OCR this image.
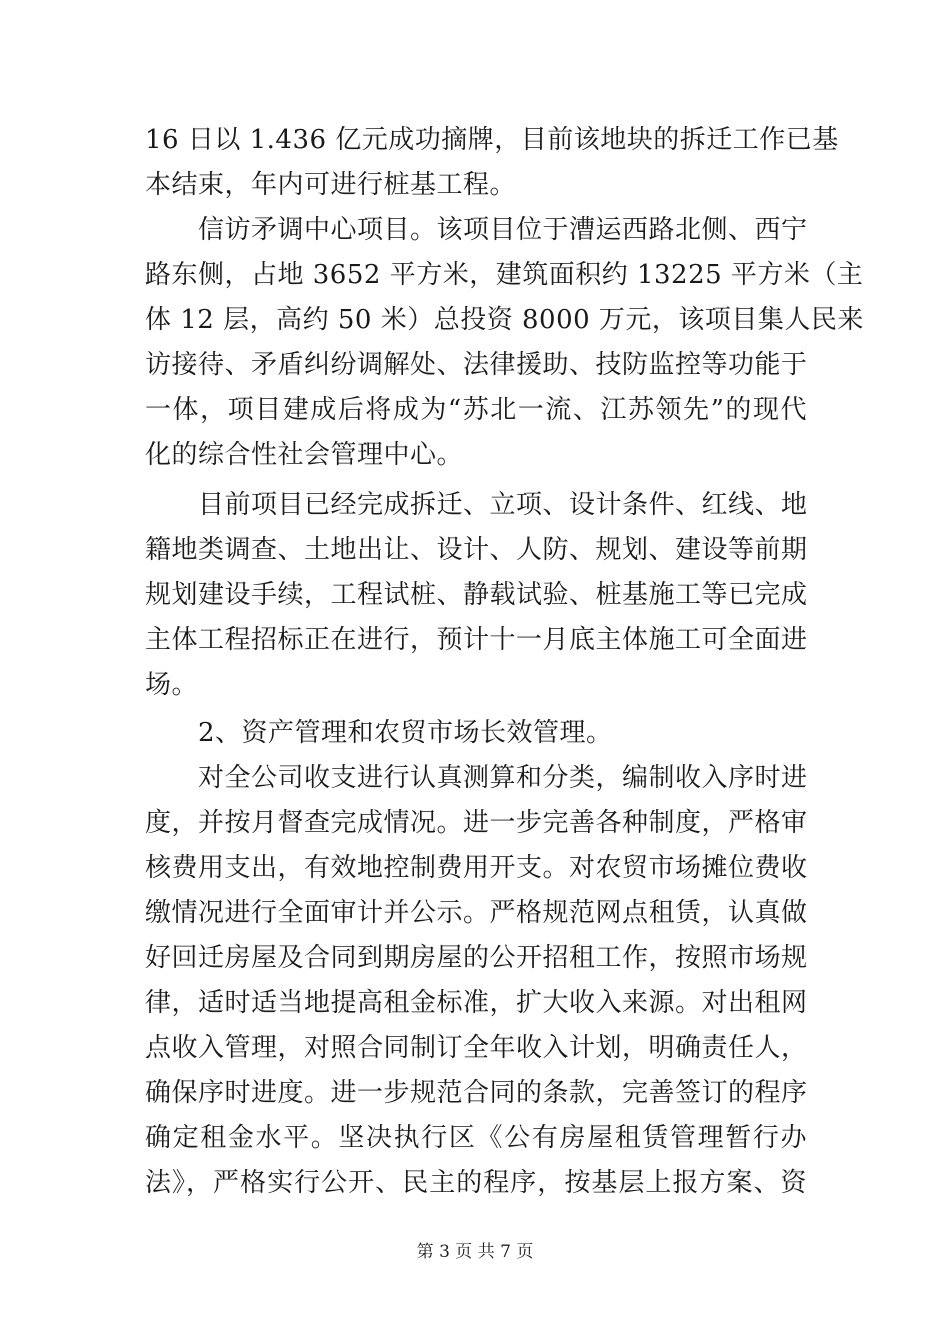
16 日以 1.436 亿元成功摘牌，目前该地块的拆迁工作已基
本结束，年内可进行桩基工程。
信访矛调中心项目。该项目位于漕运西路北侧、西宁
路东侧，占地 3652 平方米，建筑面积约 13225 平方米（主
体 12 层，高约 50 米）总投资 8000 万元，该项目集人民来
访接待、矛盾纠纷调解处、法律援助、技防监控等功能于
一体，项目建成后将成为“苏北一流、江苏领先”的现代
化的综合性社会管理中心。
目前项目已经完成拆迁、立项、设计条件、红线、地
籍地类调查、土地出让、设计、人防、规划、建设等前期
规划建设手续，工程试桩、静载试验、桩基施工等已完成
主体工程招标正在进行，预计十一月底主体施工可全面进
场。
2、资产管理和农贸市场长效管理。
对全公司收支进行认真测算和分类，编制收入序时进
度，并按月督查完成情况。进一步完善各种制度，严格审
核费用支出，有效地控制费用开支。对农贸市场摊位费收
缴情况进行全面审计并公示。严格规范网点租赁，认真做
好回迁房屋及合同到期房屋的公开招租工作，按照市场规
律，适时适当地提高租金标准，扩大收入来源。对出租网
点收入管理，对照合同制订全年收入计划，明确责任人，
确保序时进度。进一步规范合同的条款，完善签订的程序
确定租金水平。坚决执行区《公有房屋租赁管理暂行办
法》，严格实行公开、民主的程序，按基层上报方案、资
第 3 页 共 7 页
